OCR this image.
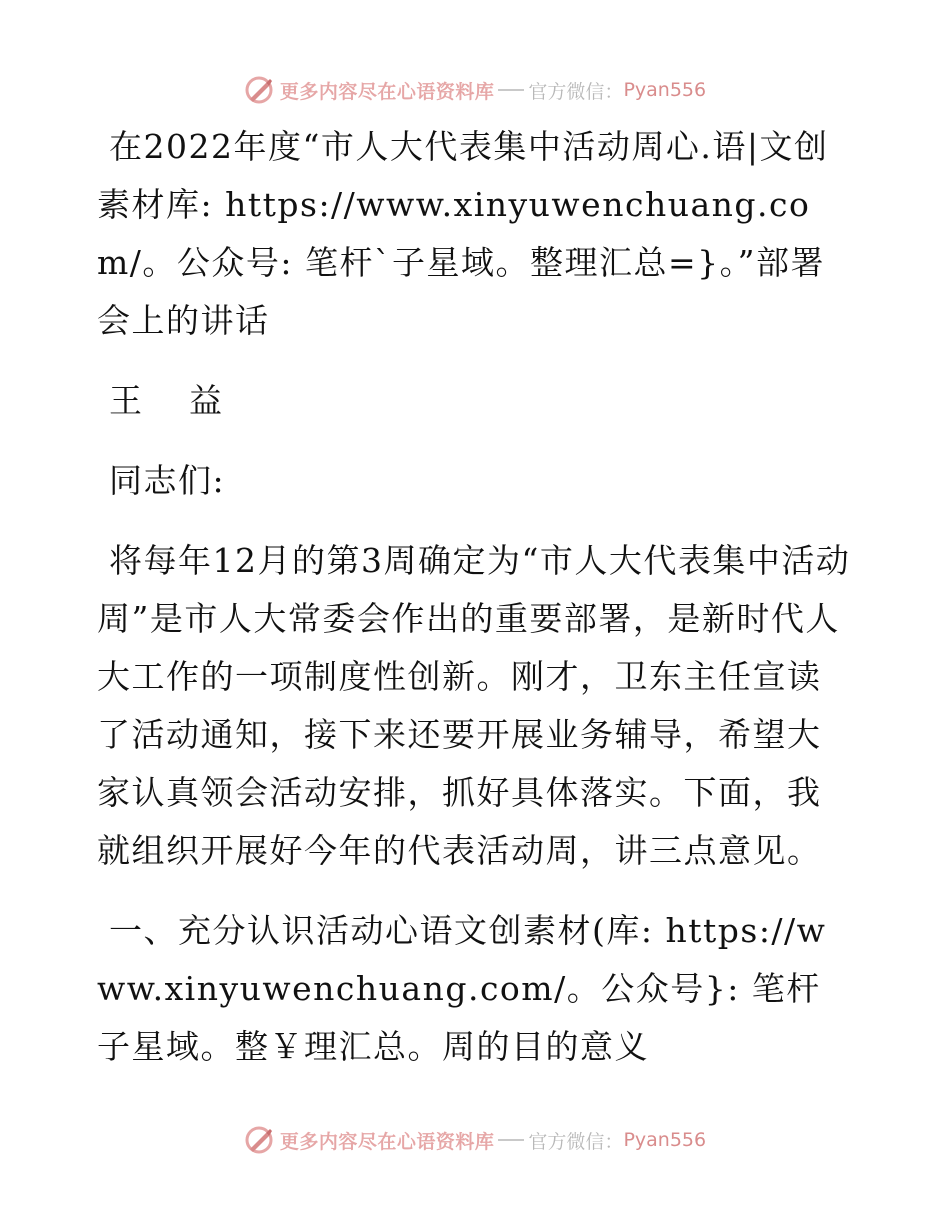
更多内容尽在心语资料库 官方微信： Pyan556

在2022年度“市人大代表集中活动周心.语|文创素材库: https://www.xinyuwenchuang.com/。公众号: 笔杆`子星域。整理汇总=}。”部署会上的讲话

王    益

同志们:

将每年12月的第3周确定为“市人大代表集中活动周”是市人大常委会作出的重要部署，是新时代人大工作的一项制度性创新。刚才，卫东主任宣读了活动通知，接下来还要开展业务辅导，希望大家认真领会活动安排，抓好具体落实。下面，我就组织开展好今年的代表活动周，讲三点意见。

一、充分认识活动心语文创素材(库: https://www.xinyuwenchuang.com/。公众号}: 笔杆子星域。整￥理汇总。周的目的意义

更多内容尽在心语资料库 官方微信： Pyan556
